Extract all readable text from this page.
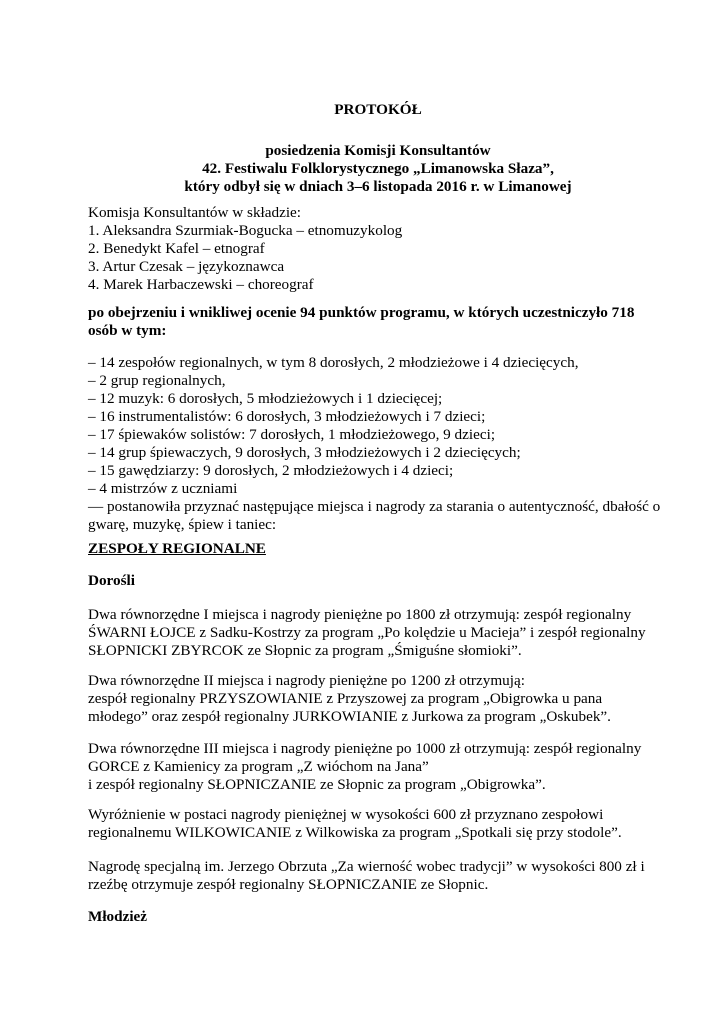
PROTOKÓŁ
posiedzenia Komisji Konsultantów
42. Festiwalu Folklorystycznego „Limanowska Słaza”,
który odbył się w dniach 3–6 listopada 2016 r. w Limanowej
Komisja Konsultantów w składzie:
1. Aleksandra Szurmiak-Bogucka – etnomuzykolog
2. Benedykt Kafel – etnograf
3. Artur Czesak – językoznawca
4. Marek Harbaczewski – choreograf
po obejrzeniu i wnikliwej ocenie 94 punktów programu, w których uczestniczyło 718
osób w tym:
– 14 zespołów regionalnych, w tym 8 dorosłych, 2 młodzieżowe i 4 dziecięcych,
– 2 grup regionalnych,
– 12 muzyk: 6 dorosłych, 5 młodzieżowych i 1 dziecięcej;
– 16 instrumentalistów: 6 dorosłych, 3 młodzieżowych i 7 dzieci;
– 17 śpiewaków solistów: 7 dorosłych, 1 młodzieżowego, 9 dzieci;
– 14 grup śpiewaczych, 9 dorosłych, 3 młodzieżowych i 2 dziecięcych;
– 15 gawędziarzy: 9 dorosłych, 2 młodzieżowych i 4 dzieci;
– 4 mistrzów z uczniami
— postanowiła przyznać następujące miejsca i nagrody za starania o autentyczność, dbałość o
gwarę, muzykę, śpiew i taniec:
ZESPOŁY REGIONALNE
Dorośli
Dwa równorzędne I miejsca i nagrody pieniężne po 1800 zł otrzymują: zespół regionalny
ŚWARNI ŁOJCE z Sadku-Kostrzy za program „Po kolędzie u Macieja” i zespół regionalny
SŁOPNICKI ZBYRCOK ze Słopnic za program „Śmiguśne słomioki”.
Dwa równorzędne II miejsca i nagrody pieniężne po 1200 zł otrzymują:
zespół regionalny PRZYSZOWIANIE z Przyszowej za program „Obigrowka u pana
młodego” oraz zespół regionalny JURKOWIANIE z Jurkowa za program „Oskubek”.
Dwa równorzędne III miejsca i nagrody pieniężne po 1000 zł otrzymują: zespół regionalny
GORCE z Kamienicy za program „Z wióchom na Jana”
i zespół regionalny SŁOPNICZANIE ze Słopnic za program „Obigrowka”.
Wyróżnienie w postaci nagrody pieniężnej w wysokości 600 zł przyznano zespołowi
regionalnemu WILKOWICANIE z Wilkowiska za program „Spotkali się przy stodole”.
Nagrodę specjalną im. Jerzego Obrzuta „Za wierność wobec tradycji” w wysokości 800 zł i
rzeźbę otrzymuje zespół regionalny SŁOPNICZANIE ze Słopnic.
Młodzież
